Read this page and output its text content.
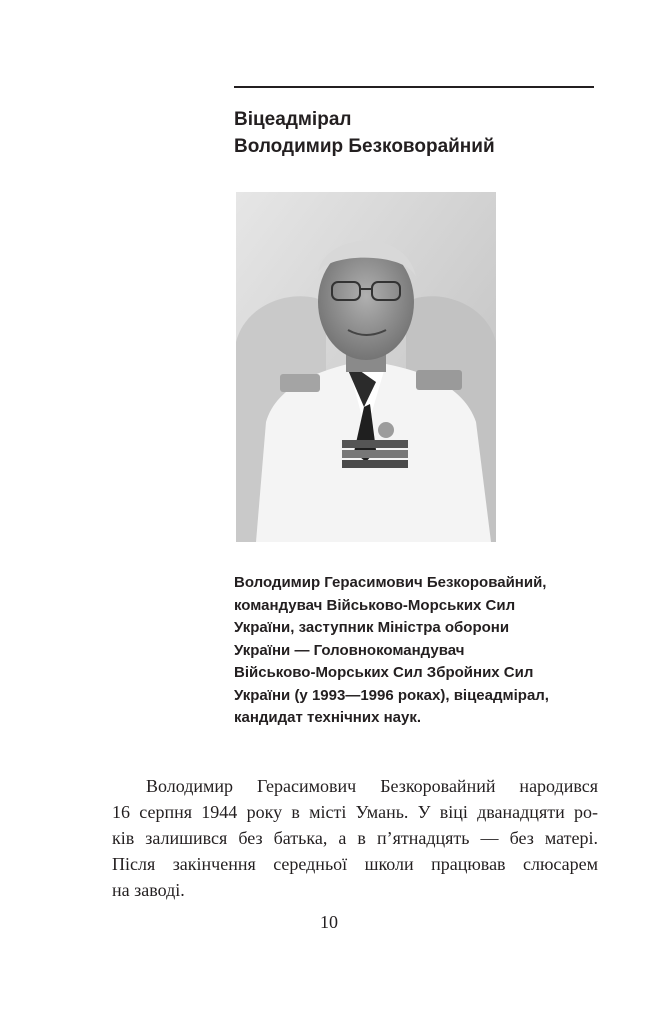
Віцеадмірал
Володимир Безковорайний
Володимир Герасимович Безкоровайний,
командувач Військово-Морських Сил
України, заступник Міністра оборони
України — Головнокомандувач
Військово-Морських Сил Збройних Сил
України (у 1993—1996 роках), віцеадмірал,
кандидат технічних наук.
Володимир Герасимович Безкоровайний народився
16 серпня 1944 року в місті Умань. У віці дванадцяти ро-
ків залишився без батька, а в п’ятнадцять — без матері.
Після закінчення середньої школи працював слюсарем
на заводі.
10
